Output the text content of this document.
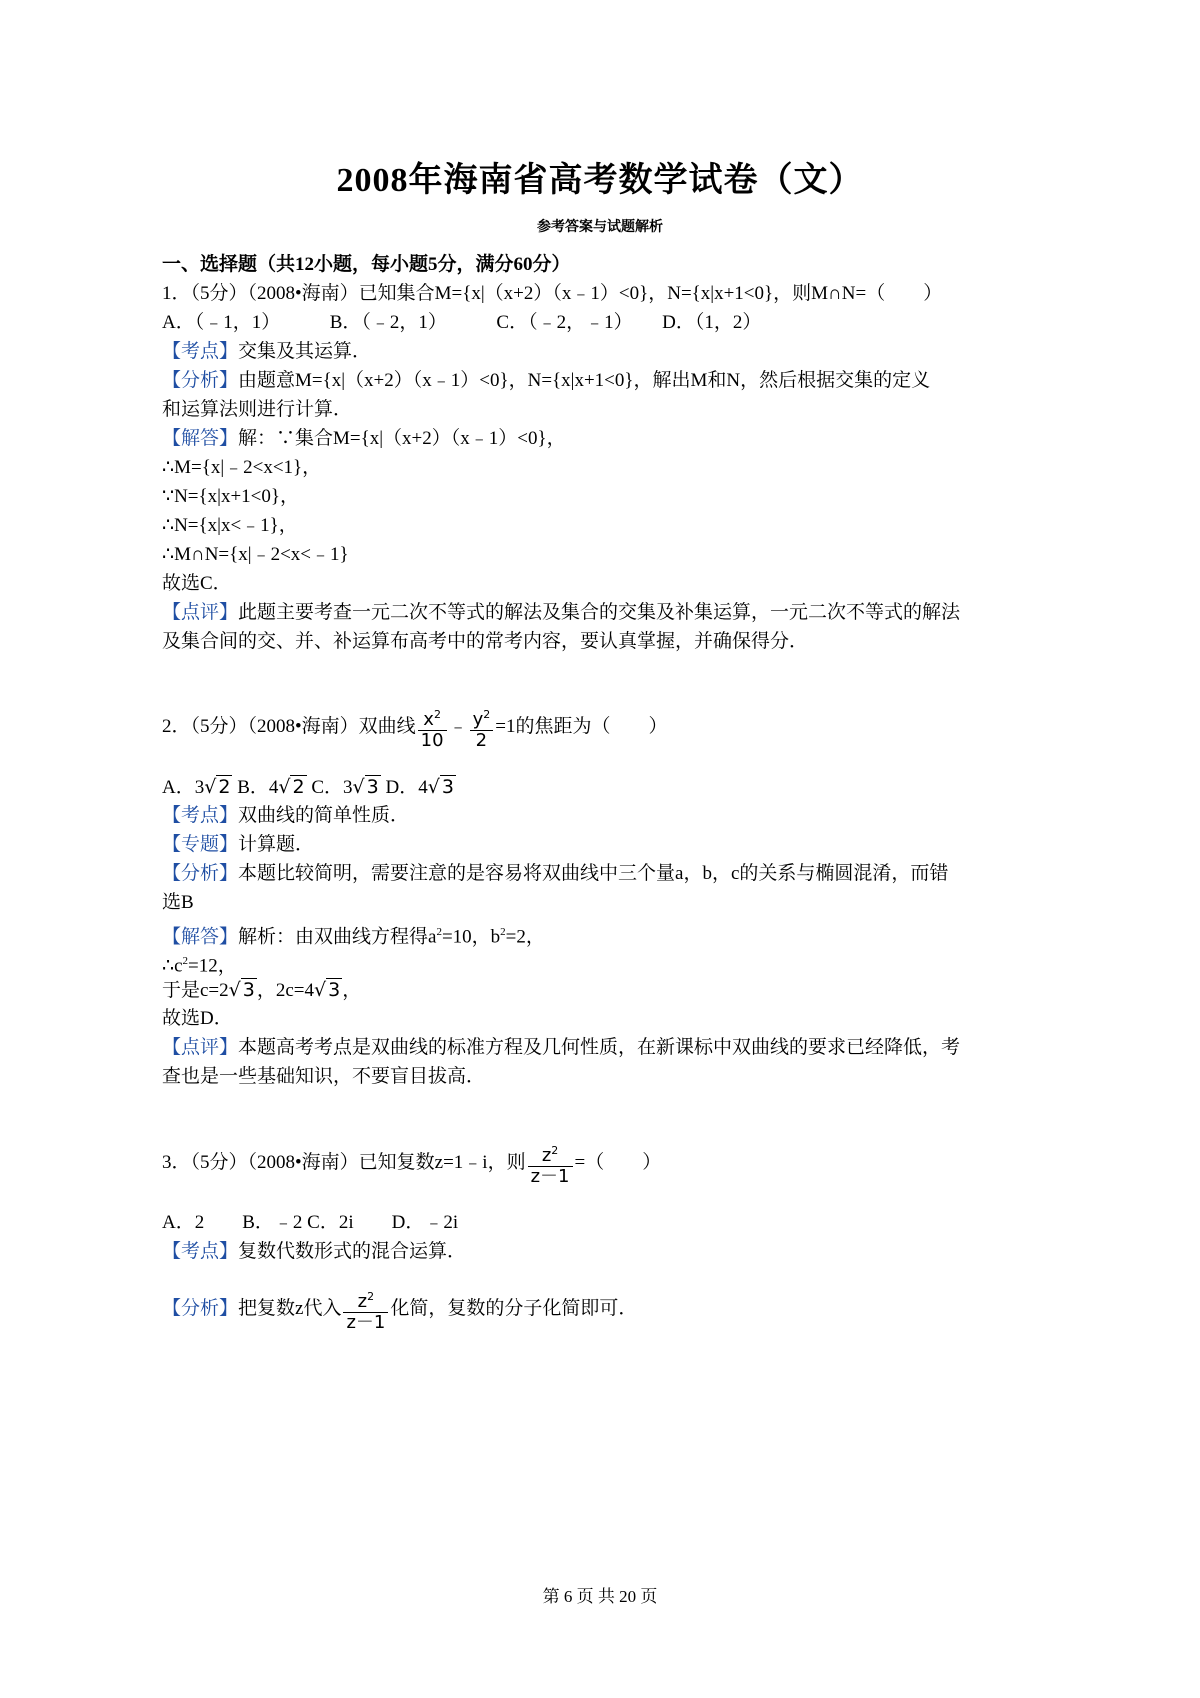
2008年海南省高考数学试卷（文）
参考答案与试题解析
一、选择题（共12小题，每小题5分，满分60分）
1．（5分）（2008•海南）已知集合M={x|（x+2）（x﹣1）<0}，N={x|x+1<0}，则M∩N=（　　）
A．（﹣1，1）	B．（﹣2，1）	C．（﹣2，﹣1） D．（1，2）
【考点】交集及其运算．
【分析】由题意M={x|（x+2）（x﹣1）<0}，N={x|x+1<0}，解出M和N，然后根据交集的定义
和运算法则进行计算．
【解答】解：∵集合M={x|（x+2）（x﹣1）<0}，
∴M={x|﹣2<x<1}，
∵N={x|x+1<0}，
∴N={x|x<﹣1}，
∴M∩N={x|﹣2<x<﹣1}
故选C．
【点评】此题主要考查一元二次不等式的解法及集合的交集及补集运算，一元二次不等式的解法
及集合间的交、并、补运算布高考中的常考内容，要认真掌握，并确保得分．
2．（5分）（2008•海南）双曲线 $\frac{x^2}{10}$ ﹣ $\frac{y^2}{2} =1$的焦距为（　　）
A．3√ 2 B．4√ 2 C．3√ 3 D．4√ 3
【考点】双曲线的简单性质．
【专题】计算题．
【分析】本题比较简明，需要注意的是容易将双曲线中三个量a，b，c的关系与椭圆混淆，而错
选B
【解答】解析：由双曲线方程得$a^2=10$，$b^2=2$，
$\therefore c^2=12$，
于是c=2√ 3 ，2c=4√ 3 ，
故选D．
【点评】本题高考考点是双曲线的标准方程及几何性质，在新课标中双曲线的要求已经降低，考
查也是一些基础知识，不要盲目拔高．
3．（5分）（2008•海南）已知复数z=1﹣i，则 $\frac{z^2}{z-1}$ =（　　）
A．2　　B．﹣2 C．2i　　D．﹣2i
【考点】复数代数形式的混合运算．
【分析】把复数z代入 $\frac{z^2}{z-1}$ 化简，复数的分子化简即可．
第 6 页 共 20 页
